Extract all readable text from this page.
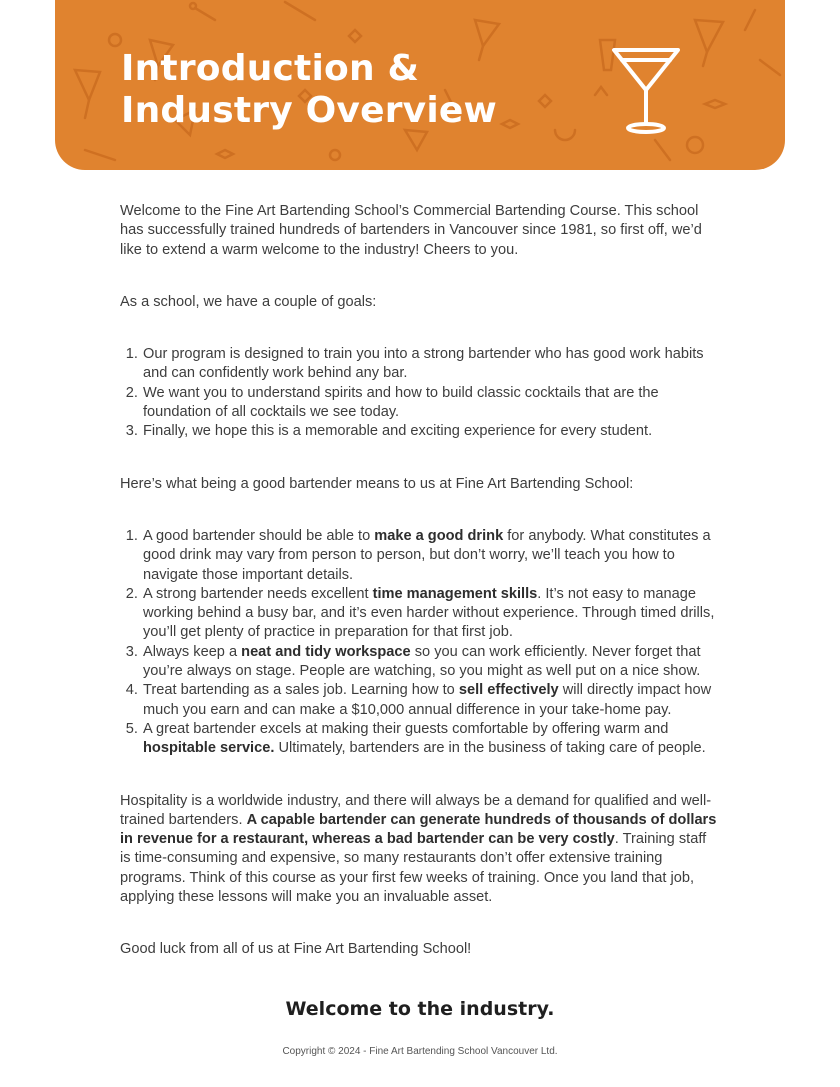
Introduction &
Industry Overview

Welcome to the Fine Art Bartending School’s Commercial Bartending Course. This school has successfully trained hundreds of bartenders in Vancouver since 1981, so first off, we’d like to extend a warm welcome to the industry! Cheers to you.

As a school, we have a couple of goals:

1. Our program is designed to train you into a strong bartender who has good work habits and can confidently work behind any bar.
2. We want you to understand spirits and how to build classic cocktails that are the foundation of all cocktails we see today.
3. Finally, we hope this is a memorable and exciting experience for every student.

Here’s what being a good bartender means to us at Fine Art Bartending School:

1. A good bartender should be able to make a good drink for anybody. What constitutes a good drink may vary from person to person, but don’t worry, we’ll teach you how to navigate those important details.
2. A strong bartender needs excellent time management skills. It’s not easy to manage working behind a busy bar, and it’s even harder without experience. Through timed drills, you’ll get plenty of practice in preparation for that first job.
3. Always keep a neat and tidy workspace so you can work efficiently. Never forget that you’re always on stage. People are watching, so you might as well put on a nice show.
4. Treat bartending as a sales job. Learning how to sell effectively will directly impact how much you earn and can make a $10,000 annual difference in your take-home pay.
5. A great bartender excels at making their guests comfortable by offering warm and hospitable service. Ultimately, bartenders are in the business of taking care of people.

Hospitality is a worldwide industry, and there will always be a demand for qualified and well-trained bartenders. A capable bartender can generate hundreds of thousands of dollars in revenue for a restaurant, whereas a bad bartender can be very costly. Training staff is time-consuming and expensive, so many restaurants don’t offer extensive training programs. Think of this course as your first few weeks of training. Once you land that job, applying these lessons will make you an invaluable asset.

Good luck from all of us at Fine Art Bartending School!

Welcome to the industry.
Copyright © 2024 - Fine Art Bartending School Vancouver Ltd.
